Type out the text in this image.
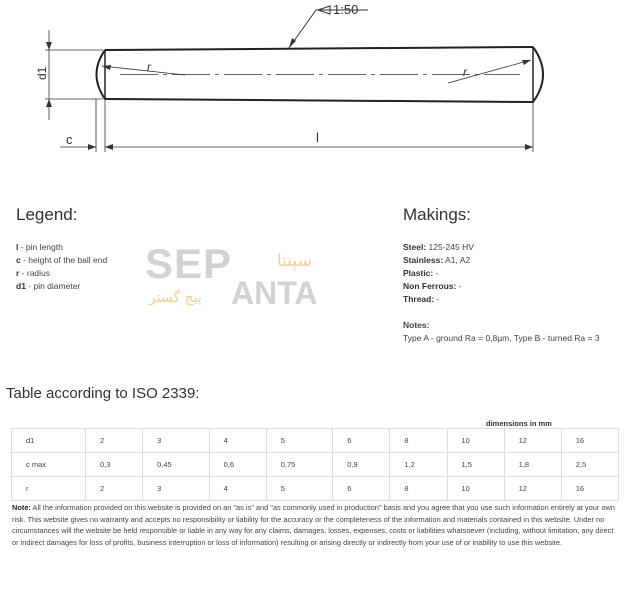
r	r
1:50
d1
c	l
Legend:
l - pin length
c - height of the ball end
r - radius
d1 - pin diameter	SEP	سپنتا
پیچ گستر ANTA
Makings:
Steel: 125-245 HV
Stainless: A1, A2
Plastic: -
Non Ferrous: -
Thread: -
Notes:
Type A - ground Ra = 0,8µm, Type B - turned Ra = 3
Table according to ISO 2339:
dimensions in mm
d1	2	3	4	5	6	8	10	12	16
c max	0,3	0,45	0,6	0,75	0,9	1,2	1,5	1,8	2,5
r	2	3	4	5	6	8	10	12	16
Note: All the information provided on this website is provided on an "as is" and "as commonly used in production" basis and you agree that you use such information entirely at your own risk. This website gives no warranty and accepts no responsibility or liability for the accuracy or the completeness of the information and materials contained in this website. Under no circumstances will the website be held responsible or liable in any way for any claims, damages, losses, expenses, costs or liabilities whatsoever (including, without limitation, any direct or indirect damages for loss of profits, business interruption or loss of information) resulting or arising directly or indirectly from your use of or inability to use this website.
